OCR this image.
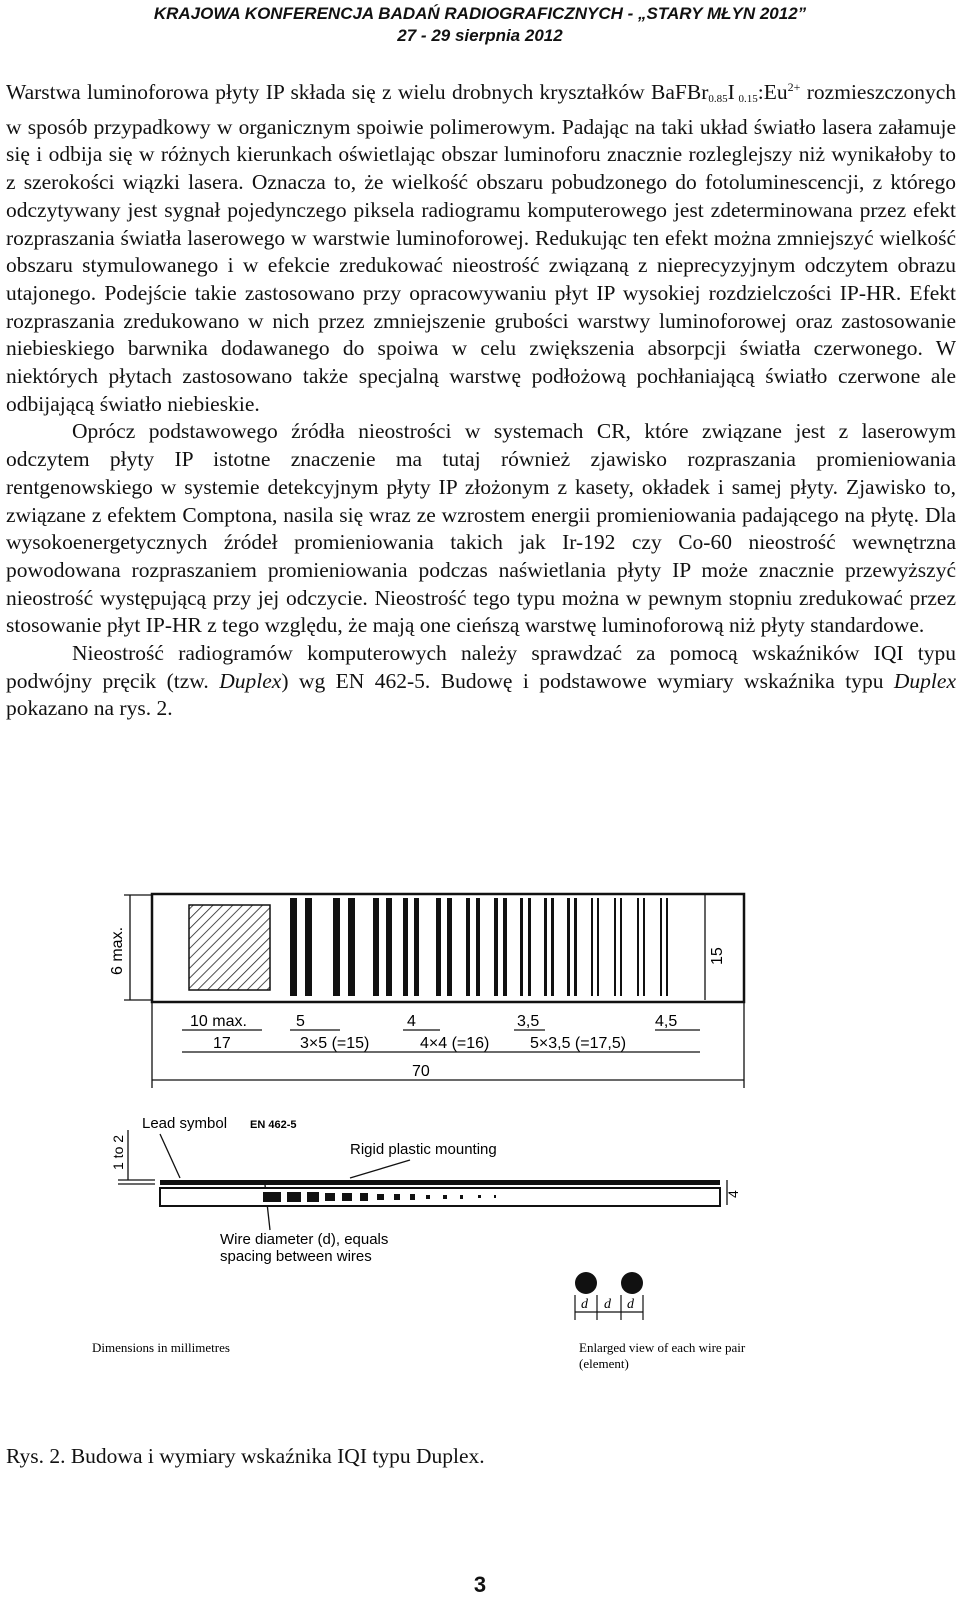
KRAJOWA KONFERENCJA BADAŃ RADIOGRAFICZNYCH - „STARY MŁYN 2012”
27 - 29 sierpnia 2012

Warstwa luminoforowa płyty IP składa się z wielu drobnych kryształków BaFBr$_{0.85}$I $_{0.15}:Eu^{2+}$ rozmieszczonych w sposób przypadkowy w organicznym spoiwie polimerowym. Padając na taki układ światło lasera załamuje się i odbija się w różnych kierunkach oświetlając obszar luminoforu znacznie rozleglejszy niż wynikałoby to z szerokości wiązki lasera. Oznacza to, że wielkość obszaru pobudzonego do fotoluminescencji, z którego odczytywany jest sygnał pojedynczego piksela radiogramu komputerowego jest zdeterminowana przez efekt rozpraszania światła laserowego w warstwie luminoforowej. Redukując ten efekt można zmniejszyć wielkość obszaru stymulowanego i w efekcie zredukować nieostrość związaną z nieprecyzyjnym odczytem obrazu utajonego. Podejście takie zastosowano przy opracowywaniu płyt IP wysokiej rozdzielczości IP-HR. Efekt rozpraszania zredukowano w nich przez zmniejszenie grubości warstwy luminoforowej oraz zastosowanie niebieskiego barwnika dodawanego do spoiwa w celu zwiększenia absorpcji światła czerwonego. W niektórych płytach zastosowano także specjalną warstwę podłożową pochłaniającą światło czerwone ale odbijającą światło niebieskie.

Oprócz podstawowego źródła nieostrości w systemach CR, które związane jest z laserowym odczytem płyty IP istotne znaczenie ma tutaj również zjawisko rozpraszania promieniowania rentgenowskiego w systemie detekcyjnym płyty IP złożonym z kasety, okładek i samej płyty. Zjawisko to, związane z efektem Comptona, nasila się wraz ze wzrostem energii promieniowania padającego na płytę. Dla wysokoenergetycznych źródeł promieniowania takich jak Ir-192 czy Co-60 nieostrość wewnętrzna powodowana rozpraszaniem promieniowania podczas naświetlania płyty IP może znacznie przewyższyć nieostrość występującą przy jej odczycie. Nieostrość tego typu można w pewnym stopniu zredukować przez stosowanie płyt IP-HR z tego względu, że mają one cieńszą warstwę luminoforową niż płyty standardowe.

Nieostrość radiogramów komputerowych należy sprawdzać za pomocą wskaźników IQI typu podwójny pręcik (tzw. Duplex) wg EN 462-5. Budowę i podstawowe wymiary wskaźnika typu Duplex pokazano na rys. 2.

6 max.	15
10 max.	5	4	3,5	4,5
17	3×5 (=15)	4×4 (=16)	5×3,5 (=17,5)
70
Lead symbol EN 462-5
Rigid plastic mounting
1 to 2
4
Wire diameter (d), equals
spacing between wires
d d d
Dimensions in millimetres	Enlarged view of each wire pair
(element)
Rys. 2. Budowa i wymiary wskaźnika IQI typu Duplex.
3
